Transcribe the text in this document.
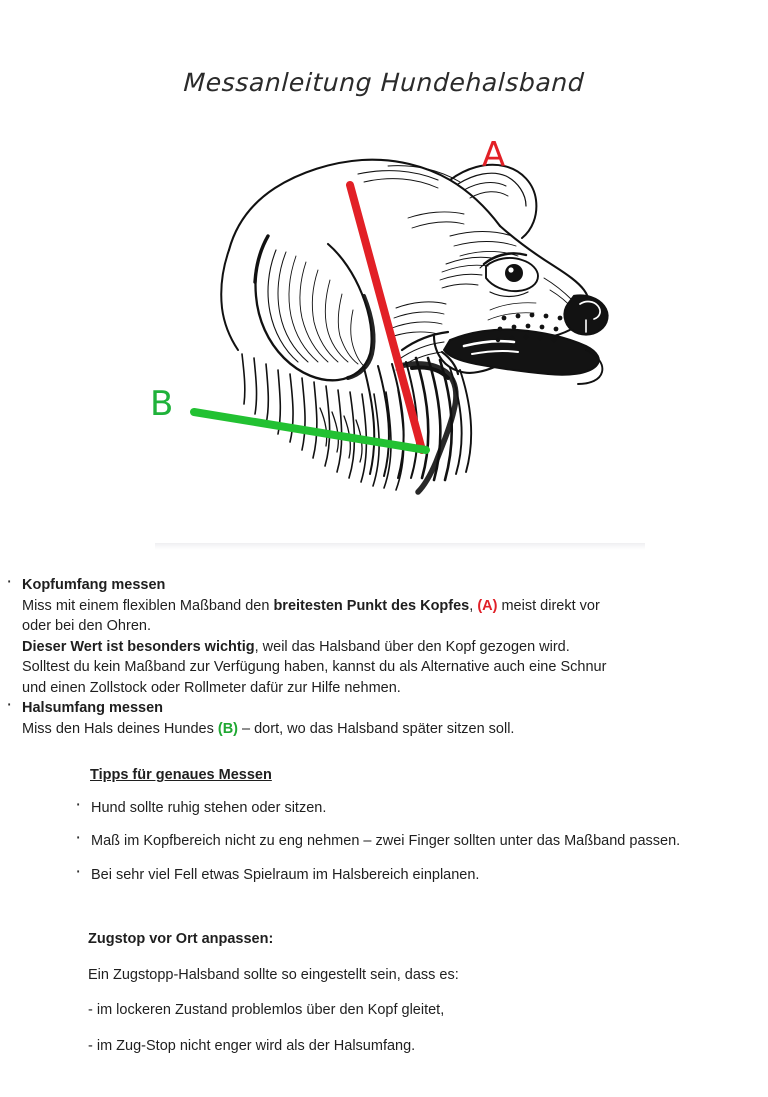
Messanleitung Hundehalsband
A
B
· Kopfumfang messen
Miss mit einem flexiblen Maßband den breitesten Punkt des Kopfes, (A) meist direkt vor oder bei den Ohren.
Dieser Wert ist besonders wichtig, weil das Halsband über den Kopf gezogen wird.
Solltest du kein Maßband zur Verfügung haben, kannst du als Alternative auch eine Schnur und einen Zollstock oder Rollmeter dafür zur Hilfe nehmen.
· Halsumfang messen
Miss den Hals deines Hundes (B) – dort, wo das Halsband später sitzen soll.
Tipps für genaues Messen
· Hund sollte ruhig stehen oder sitzen.
· Maß im Kopfbereich nicht zu eng nehmen – zwei Finger sollten unter das Maßband passen.
· Bei sehr viel Fell etwas Spielraum im Halsbereich einplanen.
Zugstop vor Ort anpassen:
Ein Zugstopp-Halsband sollte so eingestellt sein, dass es:
- im lockeren Zustand problemlos über den Kopf gleitet,
- im Zug-Stop nicht enger wird als der Halsumfang.
